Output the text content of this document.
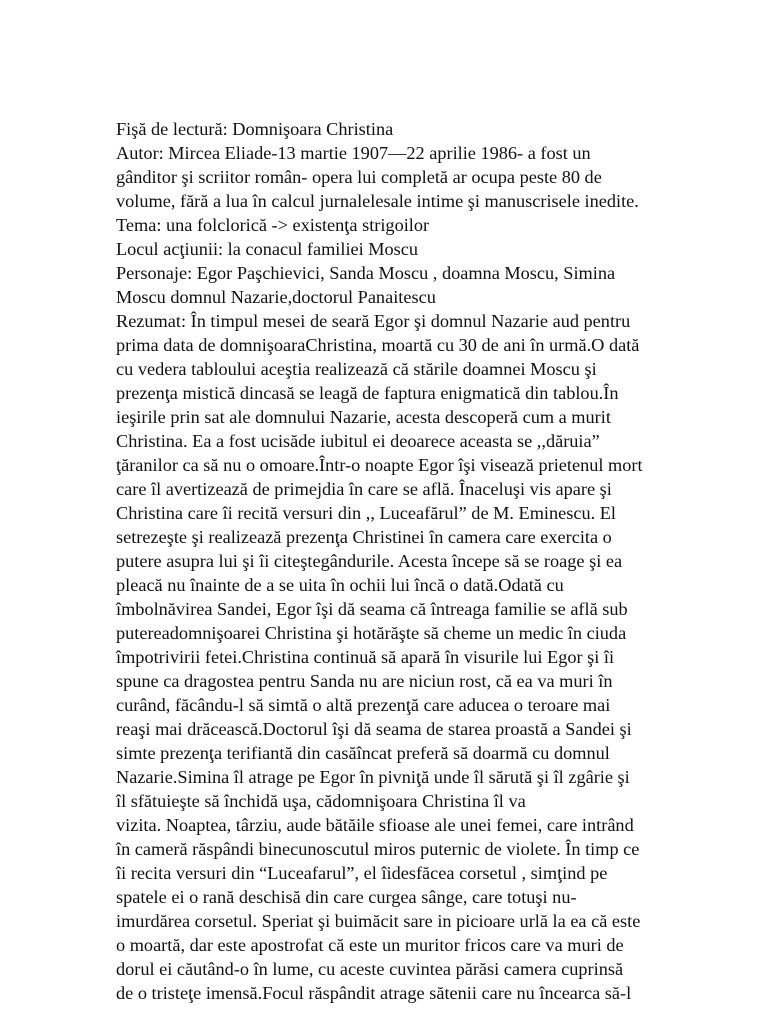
Fişă de lectură: Domnişoara Christina
Autor: Mircea Eliade-13 martie 1907—22 aprilie 1986- a fost un
gânditor şi scriitor român- opera lui completă ar ocupa peste 80 de
volume, fără a lua în calcul jurnalelesale intime şi manuscrisele inedite.
Tema: una folclorică -> existenţa strigoilor
Locul acţiunii: la conacul familiei Moscu
Personaje: Egor Paşchievici, Sanda Moscu , doamna Moscu, Simina
Moscu domnul Nazarie,doctorul Panaitescu
Rezumat: În timpul mesei de seară Egor şi domnul Nazarie aud pentru
prima data de domnişoaraChristina, moartă cu 30 de ani în urmă.O dată
cu vedera tabloului aceştia realizează că stările doamnei Moscu şi
prezenţa mistică dincasă se leagă de faptura enigmatică din tablou.În
ieşirile prin sat ale domnului Nazarie, acesta descoperă cum a murit
Christina. Ea a fost ucisăde iubitul ei deoarece aceasta se ,,dăruia”
ţăranilor ca să nu o omoare.Într-o noapte Egor îşi visează prietenul mort
care îl avertizează de primejdia în care se află. Înaceluşi vis apare şi
Christina care îi recită versuri din ,, Luceafărul” de M. Eminescu. El
setrezeşte şi realizează prezenţa Christinei în camera care exercita o
putere asupra lui şi îi citeştegândurile. Acesta începe să se roage şi ea
pleacă nu înainte de a se uita în ochii lui încă o dată.Odată cu
îmbolnăvirea Sandei, Egor îşi dă seama că întreaga familie se află sub
putereadomnişoarei Christina şi hotărăşte să cheme un medic în ciuda
împotrivirii fetei.Christina continuă să apară în visurile lui Egor şi îi
spune ca dragostea pentru Sanda nu are niciun rost, că ea va muri în
curând, făcându-l să simtă o altă prezenţă care aducea o teroare mai
reaşi mai drăcească.Doctorul îşi dă seama de starea proastă a Sandei şi
simte prezenţa terifiantă din casăîncat preferă să doarmă cu domnul
Nazarie.Simina îl atrage pe Egor în pivniţă unde îl sărută şi îl zgârie şi
îl sfătuieşte să închidă uşa, cădomnişoara Christina îl va
vizita. Noaptea, târziu, aude bătăile sfioase ale unei femei, care intrând
în cameră răspândi binecunoscutul miros puternic de violete. În timp ce
îi recita versuri din “Luceafarul”, el îidesfăcea corsetul , simţind pe
spatele ei o rană deschisă din care curgea sânge, care totuşi nu-
imurdărea corsetul. Speriat şi buimăcit sare in picioare urlă la ea că este
o moartă, dar este apostrofat că este un muritor fricos care va muri de
dorul ei căutând-o în lume, cu aceste cuvintea părăsi camera cuprinsă
de o tristeţe imensă.Focul răspândit atrage sătenii care nu încearca să-l
